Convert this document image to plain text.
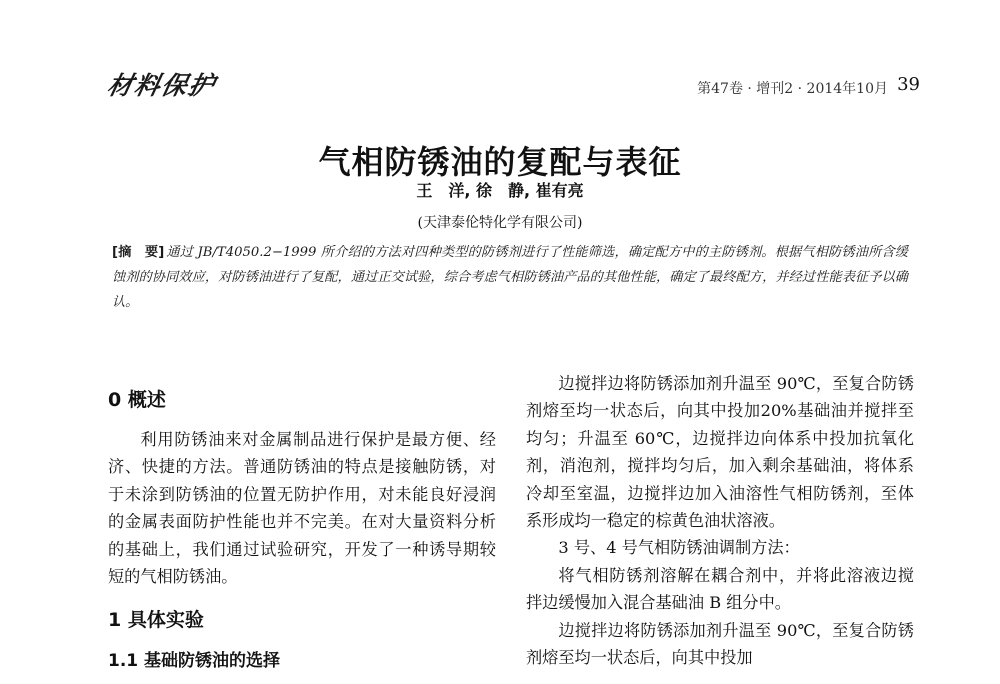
材料保护	第47卷 · 增刊2 · 2014年10月 39
气相防锈油的复配与表征
王　洋, 徐　静, 崔有亮
(天津泰伦特化学有限公司)
[摘　要] 通过 JB/T4050.2−1999 所介绍的方法对四种类型的防锈剂进行了性能筛选，确定配方中的主防锈剂。根据气相防锈油所含缓蚀剂的协同效应，对防锈油进行了复配，通过正交试验，综合考虑气相防锈油产品的其他性能，确定了最终配方，并经过性能表征予以确认。
0 概述

利用防锈油来对金属制品进行保护是最方便、经济、快捷的方法。普通防锈油的特点是接触防锈，对于未涂到防锈油的位置无防护作用，对未能良好浸润的金属表面防护性能也并不完美。在对大量资料分析的基础上，我们通过试验研究，开发了一种诱导期较短的气相防锈油。

1 具体实验
1.1 基础防锈油的选择

边搅拌边将防锈添加剂升温至 90℃，至复合防锈剂熔至均一状态后，向其中投加20%基础油并搅拌至均匀；升温至 60℃，边搅拌边向体系中投加抗氧化剂，消泡剂，搅拌均匀后，加入剩余基础油，将体系冷却至室温，边搅拌边加入油溶性气相防锈剂，至体系形成均一稳定的棕黄色油状溶液。

3 号、4 号气相防锈油调制方法：

将气相防锈剂溶解在耦合剂中，并将此溶液边搅拌边缓慢加入混合基础油 B 组分中。

边搅拌边将防锈添加剂升温至 90℃，至复合防锈剂熔至均一状态后，向其中投加
